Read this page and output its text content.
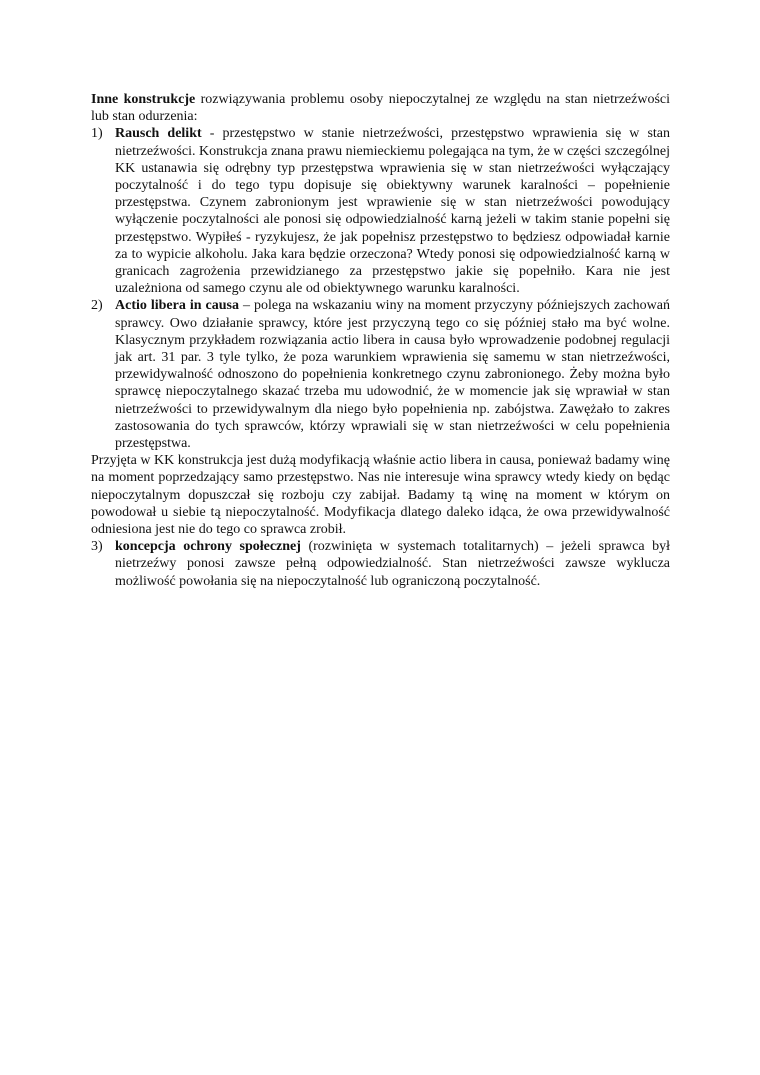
Inne konstrukcje rozwiązywania problemu osoby niepoczytalnej ze względu na stan nietrzeźwości lub stan odurzenia:

1) Rausch delikt - przestępstwo w stanie nietrzeźwości, przestępstwo wprawienia się w stan nietrzeźwości. Konstrukcja znana prawu niemieckiemu polegająca na tym, że w części szczególnej KK ustanawia się odrębny typ przestępstwa wprawienia się w stan nietrzeźwości wyłączający poczytalność i do tego typu dopisuje się obiektywny warunek karalności – popełnienie przestępstwa. Czynem zabronionym jest wprawienie się w stan nietrzeźwości powodujący wyłączenie poczytalności ale ponosi się odpowiedzialność karną jeżeli w takim stanie popełni się przestępstwo. Wypiłeś - ryzykujesz, że jak popełnisz przestępstwo to będziesz odpowiadał karnie za to wypicie alkoholu. Jaka kara będzie orzeczona? Wtedy ponosi się odpowiedzialność karną w granicach zagrożenia przewidzianego za przestępstwo jakie się popełniło. Kara nie jest uzależniona od samego czynu ale od obiektywnego warunku karalności.
2) Actio libera in causa – polega na wskazaniu winy na moment przyczyny późniejszych zachowań sprawcy. Owo działanie sprawcy, które jest przyczyną tego co się później stało ma być wolne. Klasycznym przykładem rozwiązania actio libera in causa było wprowadzenie podobnej regulacji jak art. 31 par. 3 tyle tylko, że poza warunkiem wprawienia się samemu w stan nietrzeźwości, przewidywalność odnoszono do popełnienia konkretnego czynu zabronionego. Żeby można było sprawcę niepoczytalnego skazać trzeba mu udowodnić, że w momencie jak się wprawiał w stan nietrzeźwości to przewidywalnym dla niego było popełnienia np. zabójstwa. Zawężało to zakres zastosowania do tych sprawców, którzy wprawiali się w stan nietrzeźwości w celu popełnienia przestępstwa.

Przyjęta w KK konstrukcja jest dużą modyfikacją właśnie actio libera in causa, ponieważ badamy winę na moment poprzedzający samo przestępstwo. Nas nie interesuje wina sprawcy wtedy kiedy on będąc niepoczytalnym dopuszczał się rozboju czy zabijał. Badamy tą winę na moment w którym on powodował u siebie tą niepoczytalność. Modyfikacja dlatego daleko idąca, że owa przewidywalność odniesiona jest nie do tego co sprawca zrobił.

3) koncepcja ochrony społecznej (rozwinięta w systemach totalitarnych) – jeżeli sprawca był nietrzeźwy ponosi zawsze pełną odpowiedzialność. Stan nietrzeźwości zawsze wyklucza możliwość powołania się na niepoczytalność lub ograniczoną poczytalność.
